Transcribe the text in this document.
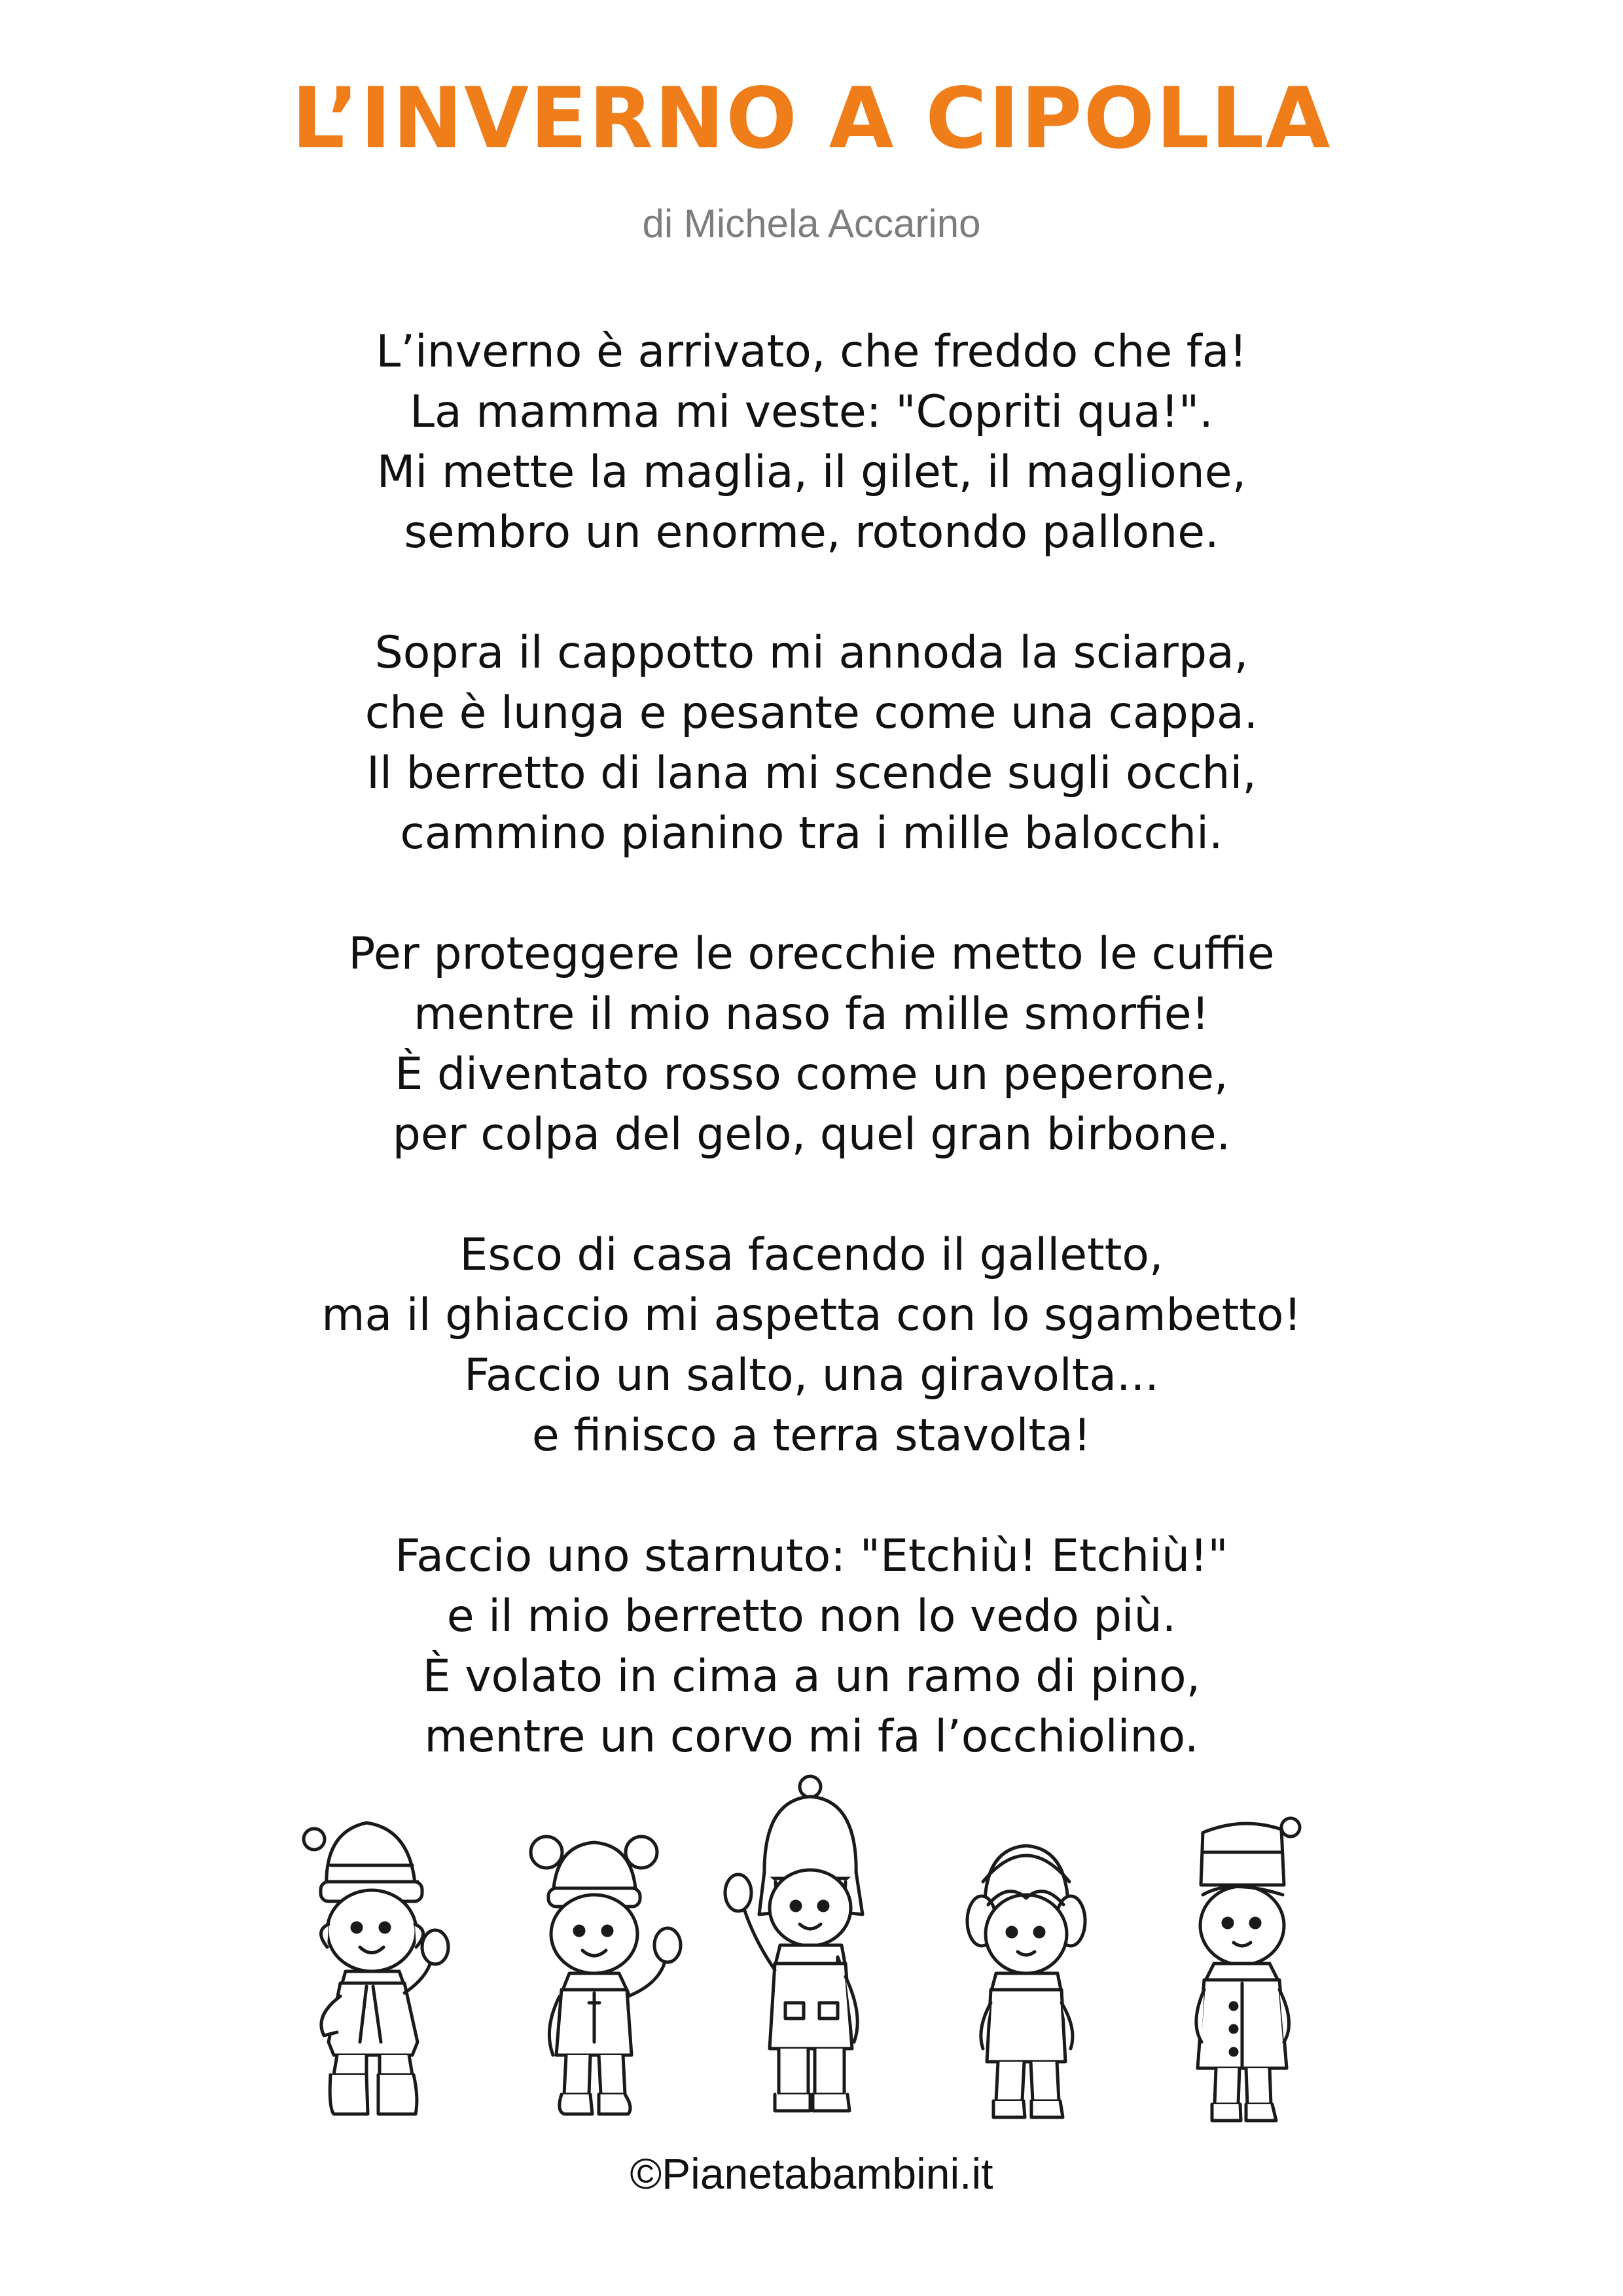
L’INVERNO A CIPOLLA
di Michela Accarino
L’inverno è arrivato, che freddo che fa!
La mamma mi veste: "Copriti qua!".
Mi mette la maglia, il gilet, il maglione,
sembro un enorme, rotondo pallone.
Sopra il cappotto mi annoda la sciarpa,
che è lunga e pesante come una cappa.
Il berretto di lana mi scende sugli occhi,
cammino pianino tra i mille balocchi.
Per proteggere le orecchie metto le cuffie
mentre il mio naso fa mille smorfie!
È diventato rosso come un peperone,
per colpa del gelo, quel gran birbone.
Esco di casa facendo il galletto,
ma il ghiaccio mi aspetta con lo sgambetto!
Faccio un salto, una giravolta...
e finisco a terra stavolta!
Faccio uno starnuto: "Etchiù! Etchiù!"
e il mio berretto non lo vedo più.
È volato in cima a un ramo di pino,
mentre un corvo mi fa l’occhiolino.
©Pianetabambini.it
